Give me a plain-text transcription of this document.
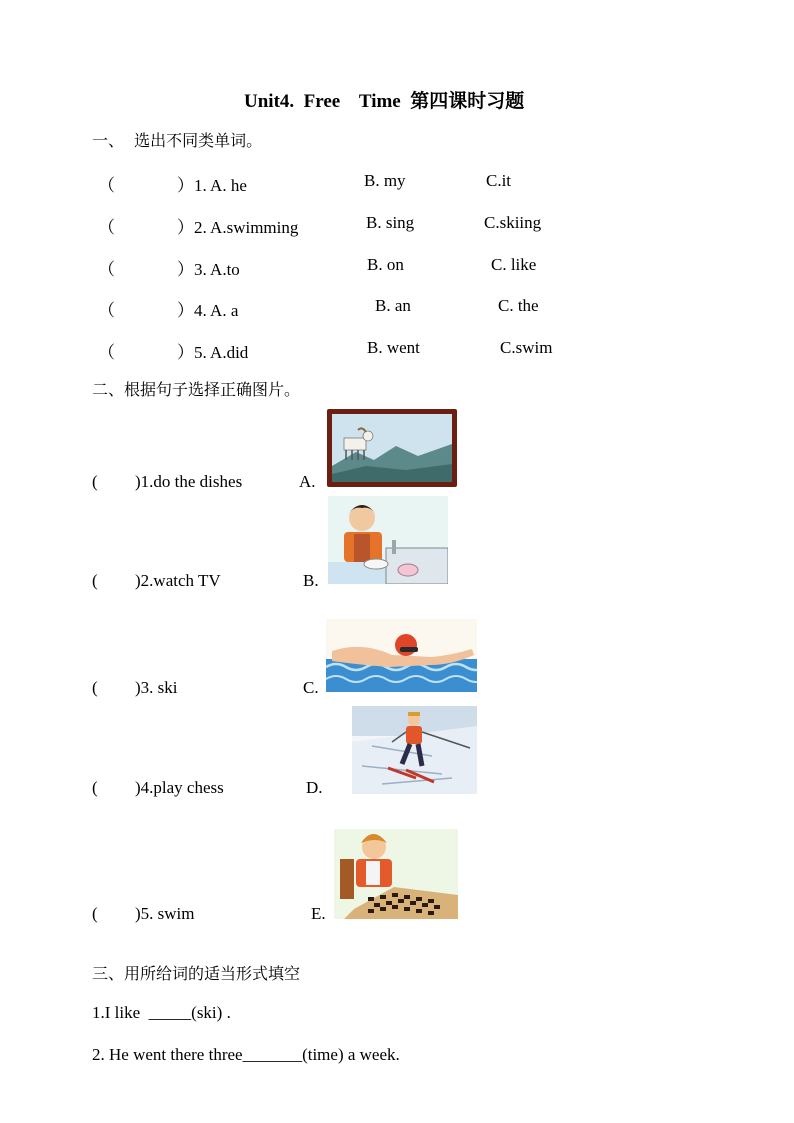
Unit4.  Free    Time  第四课时习题
一、  选出不同类单词。
（	）1. A. he	B. my	C.it
（	）2. A.swimming	B. sing	C.skiing
（	）3. A.to	B. on	C. like
（	）4. A. a	B. an	C. the
（	）5. A.did	B. went	C.swim
二、根据句子选择正确图片。
( )1.do the dishes	A.
( )2.watch TV	B.
( )3. ski	C.
( )4.play chess	D.
( )5. swim	E.
三、用所给词的适当形式填空
1.I like  _____(ski) .
2. He went there three_______(time) a week.
